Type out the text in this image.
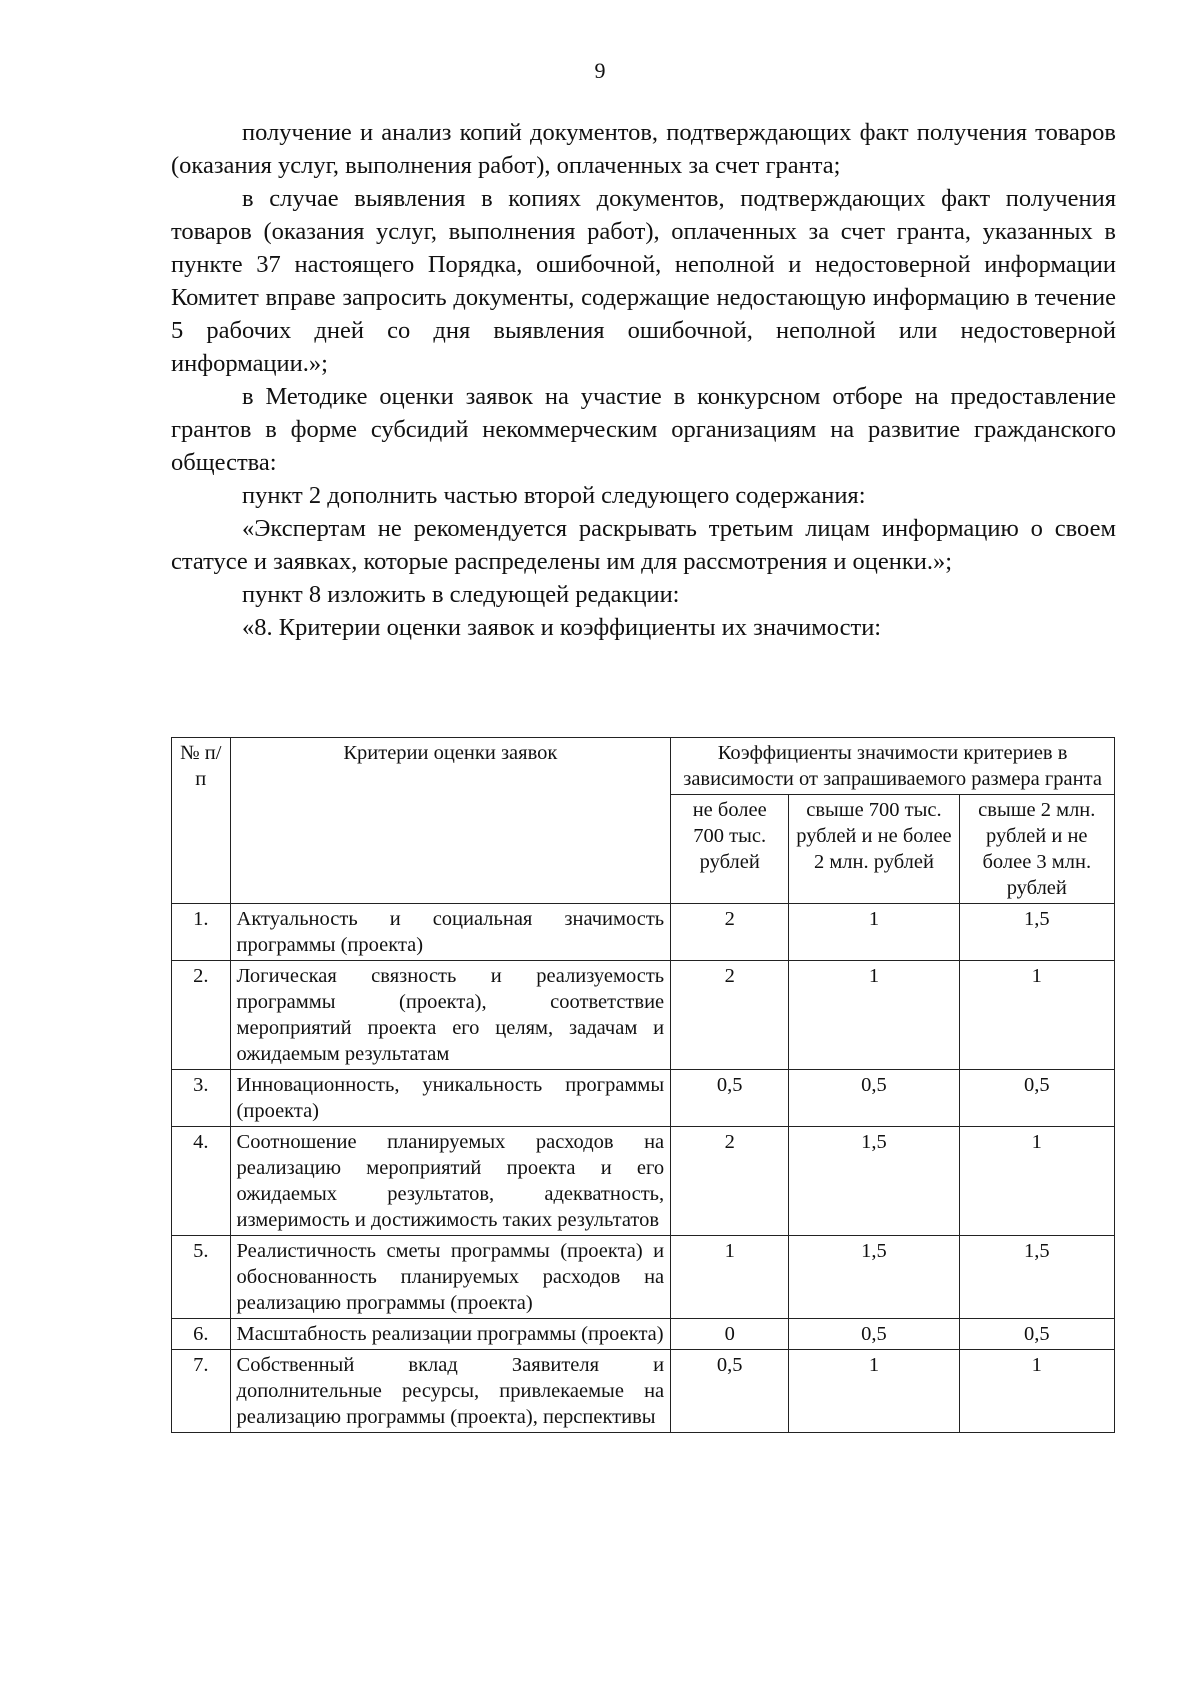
9

получение и анализ копий документов, подтверждающих факт получения товаров (оказания услуг, выполнения работ), оплаченных за счет гранта;

в случае выявления в копиях документов, подтверждающих факт получения товаров (оказания услуг, выполнения работ), оплаченных за счет гранта, указанных в пункте 37 настоящего Порядка, ошибочной, неполной и недостоверной информации Комитет вправе запросить документы, содержащие недостающую информацию в течение 5 рабочих дней со дня выявления ошибочной, неполной или недостоверной информации.»;

в Методике оценки заявок на участие в конкурсном отборе на предоставление грантов в форме субсидий некоммерческим организациям на развитие гражданского общества:

пункт 2 дополнить частью второй следующего содержания:

«Экспертам не рекомендуется раскрывать третьим лицам информацию о своем статусе и заявках, которые распределены им для рассмотрения и оценки.»;

пункт 8 изложить в следующей редакции:

«8. Критерии оценки заявок и коэффициенты их значимости:

№ п/п	Критерии оценки заявок	Коэффициенты значимости критериев в зависимости от запрашиваемого размера гранта		
		не более 700 тыс. рублей	свыше 700 тыс. рублей и не более 2 млн. рублей	свыше 2 млн. рублей и не более 3 млн. рублей
1.	Актуальность и социальная значимость программы (проекта)	2	1	1,5
2.	Логическая связность и реализуемость программы (проекта), соответствие мероприятий проекта его целям, задачам и ожидаемым результатам	2	1	1
3.	Инновационность, уникальность программы (проекта)	0,5	0,5	0,5
4.	Соотношение планируемых расходов на реализацию мероприятий проекта и его ожидаемых результатов, адекватность, измеримость и достижимость таких результатов	2	1,5	1
5.	Реалистичность сметы программы (проекта) и обоснованность планируемых расходов на реализацию программы (проекта)	1	1,5	1,5
6.	Масштабность реализации программы (проекта)	0	0,5	0,5
7.	Собственный вклад Заявителя и дополнительные ресурсы, привлекаемые на реализацию программы (проекта), перспективы	0,5	1	1
